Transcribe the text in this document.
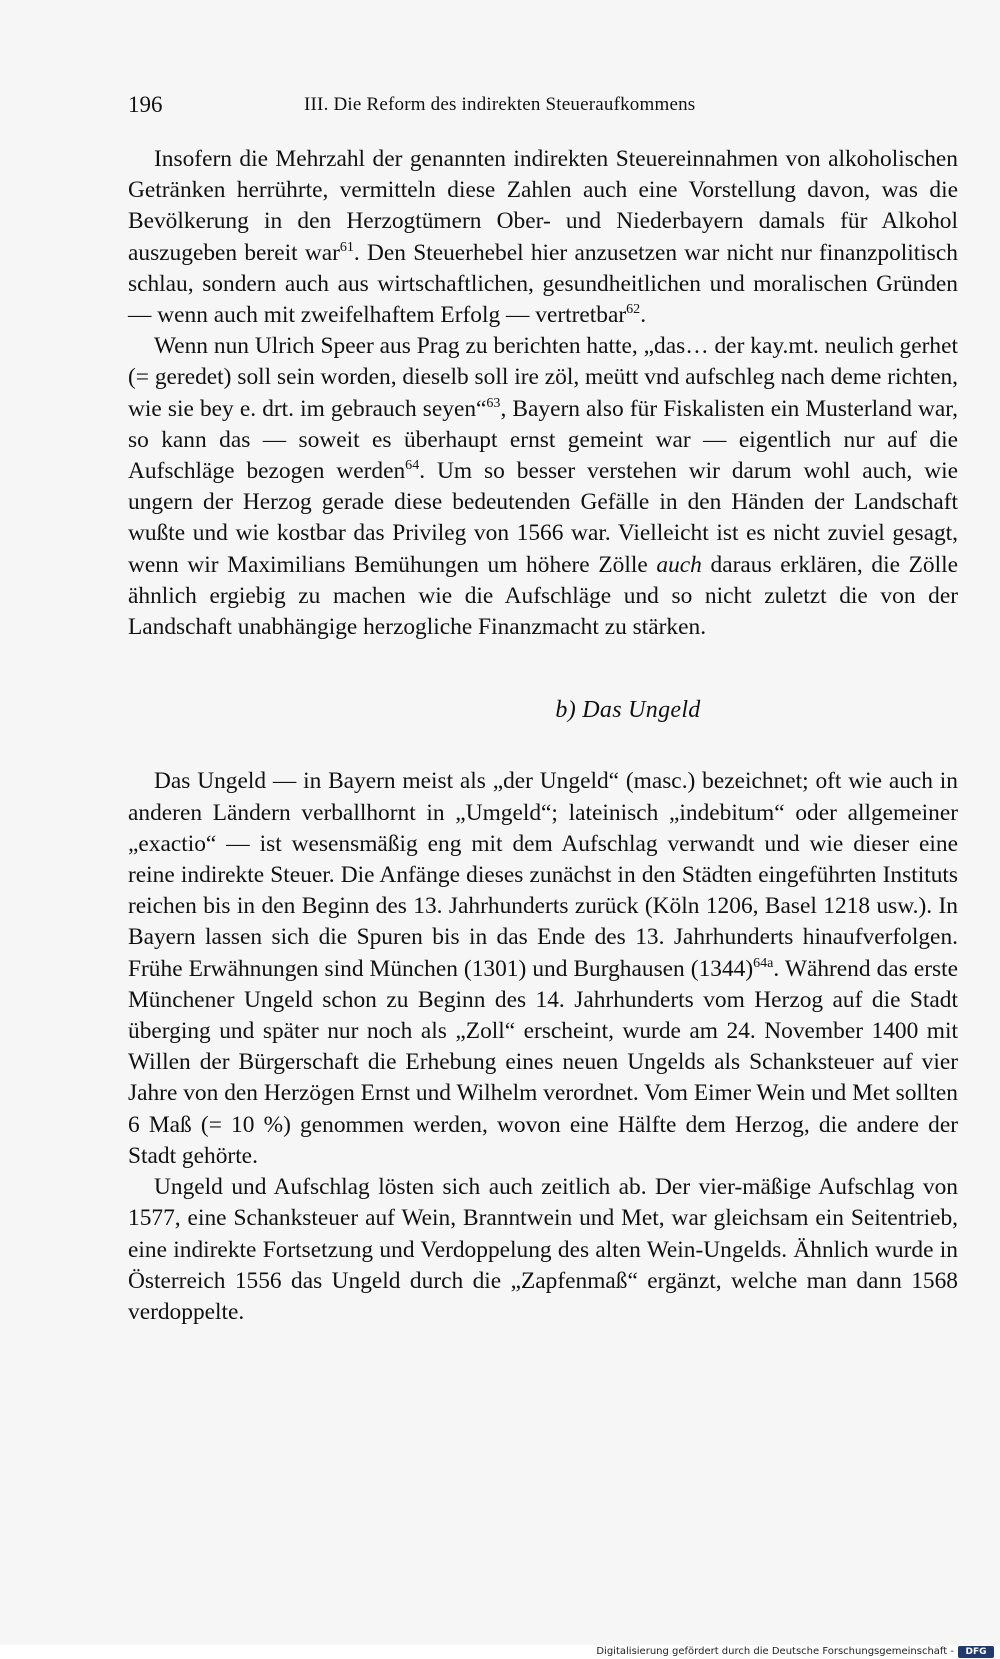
196	III. Die Reform des indirekten Steueraufkommens

Insofern die Mehrzahl der genannten indirekten Steuereinnahmen von alkoholischen Getränken herrührte, vermitteln diese Zahlen auch eine Vorstellung davon, was die Bevölkerung in den Herzogtümern Ober- und Niederbayern damals für Alkohol auszugeben bereit war$^{61}$. Den Steuerhebel hier anzusetzen war nicht nur finanzpolitisch schlau, sondern auch aus wirtschaftlichen, gesundheitlichen und moralischen Gründen — wenn auch mit zweifelhaftem Erfolg — vertretbar$^{62}$.

Wenn nun Ulrich Speer aus Prag zu berichten hatte, „das… der kay.mt. neulich gerhet (= geredet) soll sein worden, dieselb soll ire zöl, meütt vnd aufschleg nach deme richten, wie sie bey e. drt. im gebrauch seyen“$^{63}$, Bayern also für Fiskalisten ein Musterland war, so kann das — soweit es überhaupt ernst gemeint war — eigentlich nur auf die Aufschläge bezogen werden$^{64}$. Um so besser verstehen wir darum wohl auch, wie ungern der Herzog gerade diese bedeutenden Gefälle in den Händen der Landschaft wußte und wie kostbar das Privileg von 1566 war. Vielleicht ist es nicht zuviel gesagt, wenn wir Maximilians Bemühungen um höhere Zölle auch daraus erklären, die Zölle ähnlich ergiebig zu machen wie die Aufschläge und so nicht zuletzt die von der Landschaft unabhängige herzogliche Finanzmacht zu stärken.

b) Das Ungeld

Das Ungeld — in Bayern meist als „der Ungeld“ (masc.) bezeichnet; oft wie auch in anderen Ländern verballhornt in „Umgeld“; lateinisch „indebitum“ oder allgemeiner „exactio“ — ist wesensmäßig eng mit dem Aufschlag verwandt und wie dieser eine reine indirekte Steuer. Die Anfänge dieses zunächst in den Städten eingeführten Instituts reichen bis in den Beginn des 13. Jahrhunderts zurück (Köln 1206, Basel 1218 usw.). In Bayern lassen sich die Spuren bis in das Ende des 13. Jahrhunderts hinaufverfolgen. Frühe Erwähnungen sind München (1301) und Burghausen $(1344)^{64a}$. Während das erste Münchener Ungeld schon zu Beginn des 14. Jahrhunderts vom Herzog auf die Stadt überging und später nur noch als „Zoll“ erscheint, wurde am 24. November 1400 mit Willen der Bürgerschaft die Erhebung eines neuen Ungelds als Schanksteuer auf vier Jahre von den Herzögen Ernst und Wilhelm verordnet. Vom Eimer Wein und Met sollten 6 Maß (= 10 %) genommen werden, wovon eine Hälfte dem Herzog, die andere der Stadt gehörte.

Ungeld und Aufschlag lösten sich auch zeitlich ab. Der vier-mäßige Aufschlag von 1577, eine Schanksteuer auf Wein, Branntwein und Met, war gleichsam ein Seitentrieb, eine indirekte Fortsetzung und Verdoppelung des alten Wein-Ungelds. Ähnlich wurde in Österreich 1556 das Ungeld durch die „Zapfenmaß“ ergänzt, welche man dann 1568 verdoppelte.

Digitalisierung gefördert durch die Deutsche Forschungsgemeinschaft -	DFG
